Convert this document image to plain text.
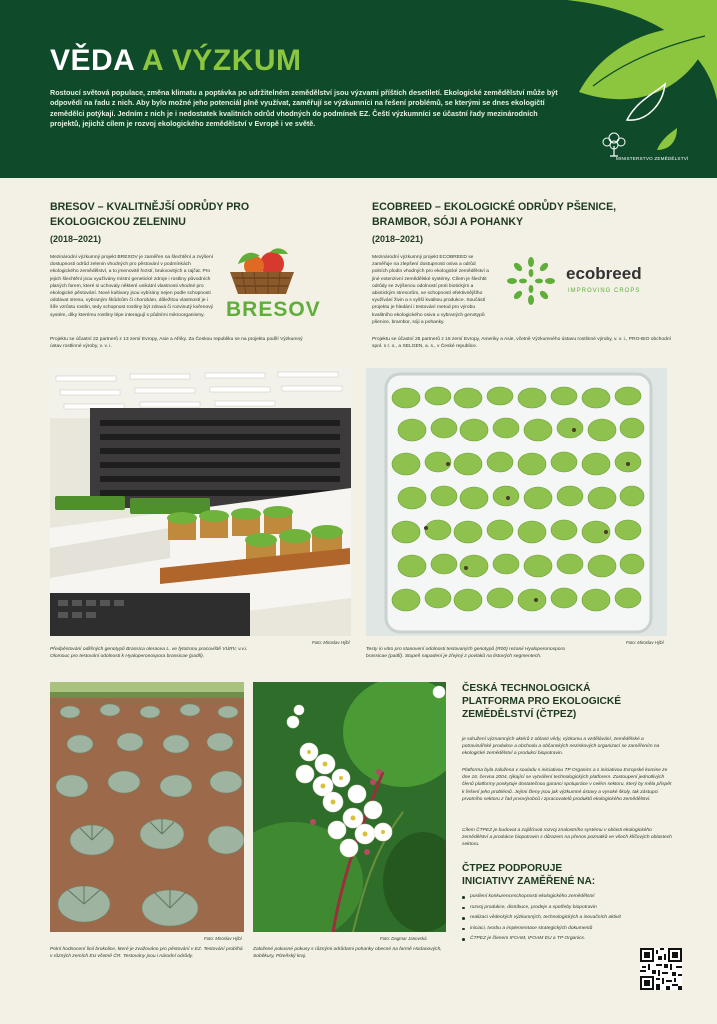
VĚDA A VÝZKUM
Rostoucí světová populace, změna klimatu a poptávka po udržitelném zemědělství jsou výzvami příštích desetiletí. Ekologické zemědělství může být odpovědí na řadu z nich. Aby bylo možné jeho potenciál plně využívat, zaměřují se výzkumníci na řešení problémů, se kterými se dnes ekologičtí zemědělci potýkají. Jedním z nich je i nedostatek kvalitních odrůd vhodných do podmínek EZ. Čeští výzkumníci se účastní řady mezinárodních projektů, jejichž cílem je rozvoj ekologického zemědělství v Evropě i ve světě.
MINISTERSTVO ZEMĚDĚLSTVÍ
BRESOV – KVALITNĚJŠÍ ODRŮDY PRO EKOLOGICKOU ZELENINU
(2018–2021)
Mezinárodní výzkumný projekt BRESOV je zaměřen na šlechtění a zvýšení dostupnosti odrůd zelenin vhodných pro pěstování v podmínkách ekologického zemědělství, a to jmenovitě řezstí, brukvovitých a rajčat. Pro jejich šlechtění jsou využívány místní genetické zdroje i rostliny původních planých forem, které si uchovaly některé unikátní vlastnosti vhodné pro ekologické pěstování. Nové kultivary jsou vybírány nejen podle schopnosti odolávat stresu, vybraným škůdcům či chorobám, důležitou vlastností je i šíře vzrůstu rostlin, tedy schopnost rostliny být zdravá či rozvinutý kořenový systém, díky kterému rostliny lépe interagují s půdními mikroorganismy.
Projektu se účastní 22 partnerů z 13 zemí Evropy, Asie a Afriky. Za Českou republiku se na projektu podílí Výzkumný ústav rostlinné výroby, v. v. i.
BRESOV
ECOBREED – EKOLOGICKÉ ODRŮDY PŠENICE, BRAMBOR, SÓJI A POHANKY
(2018–2021)
Mezinárodní výzkumný projekt ECOBREED se zaměřuje na zlepšení dostupnosti osiva a odrůd polních plodin vhodných pro ekologické zemědělství a jiné extenzivní zemědělské systémy. Cílem je šlechtit odrůdy se zvýšenou odolností proti biotickým a abiotickým stresorům, se schopností efektivnějšího využívání živin a s vyšší kvalitou produkce. Součástí projektu je hledání i testování metod pro výrobu kvalitního ekologického osiva u vybraných genotypů pšenice, brambor, sóji a pohanky.
Projektu se účastní 25 partnerů z 15 zemí Evropy, Ameriky a Asie, včetně Výzkumného ústavu rostlinné výroby, v. v. i., PRO-BIO obchodní spol. s r. o., a SELGEN, a. s., v České republice.
ecobreed
IMPROVING CROPS
Foto: Miroslav Hýbl
Předpěstování odlišných genotypů Brassica oleracea L. ve fytotronu pracoviště VÚRV, v.v.i. Olomouc pro testování odolnosti k Hyaloperonospora brassicae (padlí).
Foto: Miroslav Hýbl
Testy in vitro pro stanovení odolnosti testovaných genotypů (R00) rezanii Hyaloperonospora brassicae (padlí). Stupeň napadení je zřejmý z povlaků na listových segmentech.
Foto: Miroslav Hýbl
Polní hodnocení linií brokolice, které je zvažováno pro pěstování v EZ. Testování probíhá v různých zemích EU včetně ČR. Testovány jsou i národní odrůdy.
Foto: Dagmar Janovská
Založené pokusné pokusy s různými odrůdami pohanky obecné na farmě Hodanových, Soběkury, Plzeňský kraj.
ČESKÁ TECHNOLOGICKÁ PLATFORMA PRO EKOLOGICKÉ ZEMĚDĚLSTVÍ (ČTPEZ)
je sdružení významných aktérů z oblasti vědy, výzkumu a vzdělávání, zemědělské a potravinářské produkce a obchodu a občanských neziskových organizací se zaměřením na ekologické zemědělství a produkci biopotravin.
Platforma byla založena v souladu s iniciativou TP Organics a s iniciativou Evropské komise ze dne 16. června 2004, týkající se vytváření technologických platforem. Zastoupení jednotlivých členů platformy poskytuje dostatečnou garanci spolupráce v celém sektoru, který by měla přispět k řešení jeho problémů. Jejími členy jsou jak výzkumné ústavy a vysoké školy, tak zástupci prvotního sektoru z řad prvovýrobců i zpracovatelů produktů ekologického zemědělství.
Cílem ČTPEZ je budovat a zajišťovat rozvoj znalostního systému v oblasti ekologického zemědělství a produkce biopotravin s důrazem na přenos poznatků ve všech klíčových oblastech sektoru.
ČTPEZ PODPORUJE INICIATIVY ZAMĚŘENÉ NA:
posílení konkurenceschopnosti ekologického zemědělství
rozvoj produkce, distribuce, prodeje a spotřeby biopotravin
realizaci vědeckých výzkumných, technologických a inovačních aktivit
iniciaci, tvorbu a implementace strategických dokumentů
ČTPEZ je členem IFOAM, IFOAM EU a TP Organics.
